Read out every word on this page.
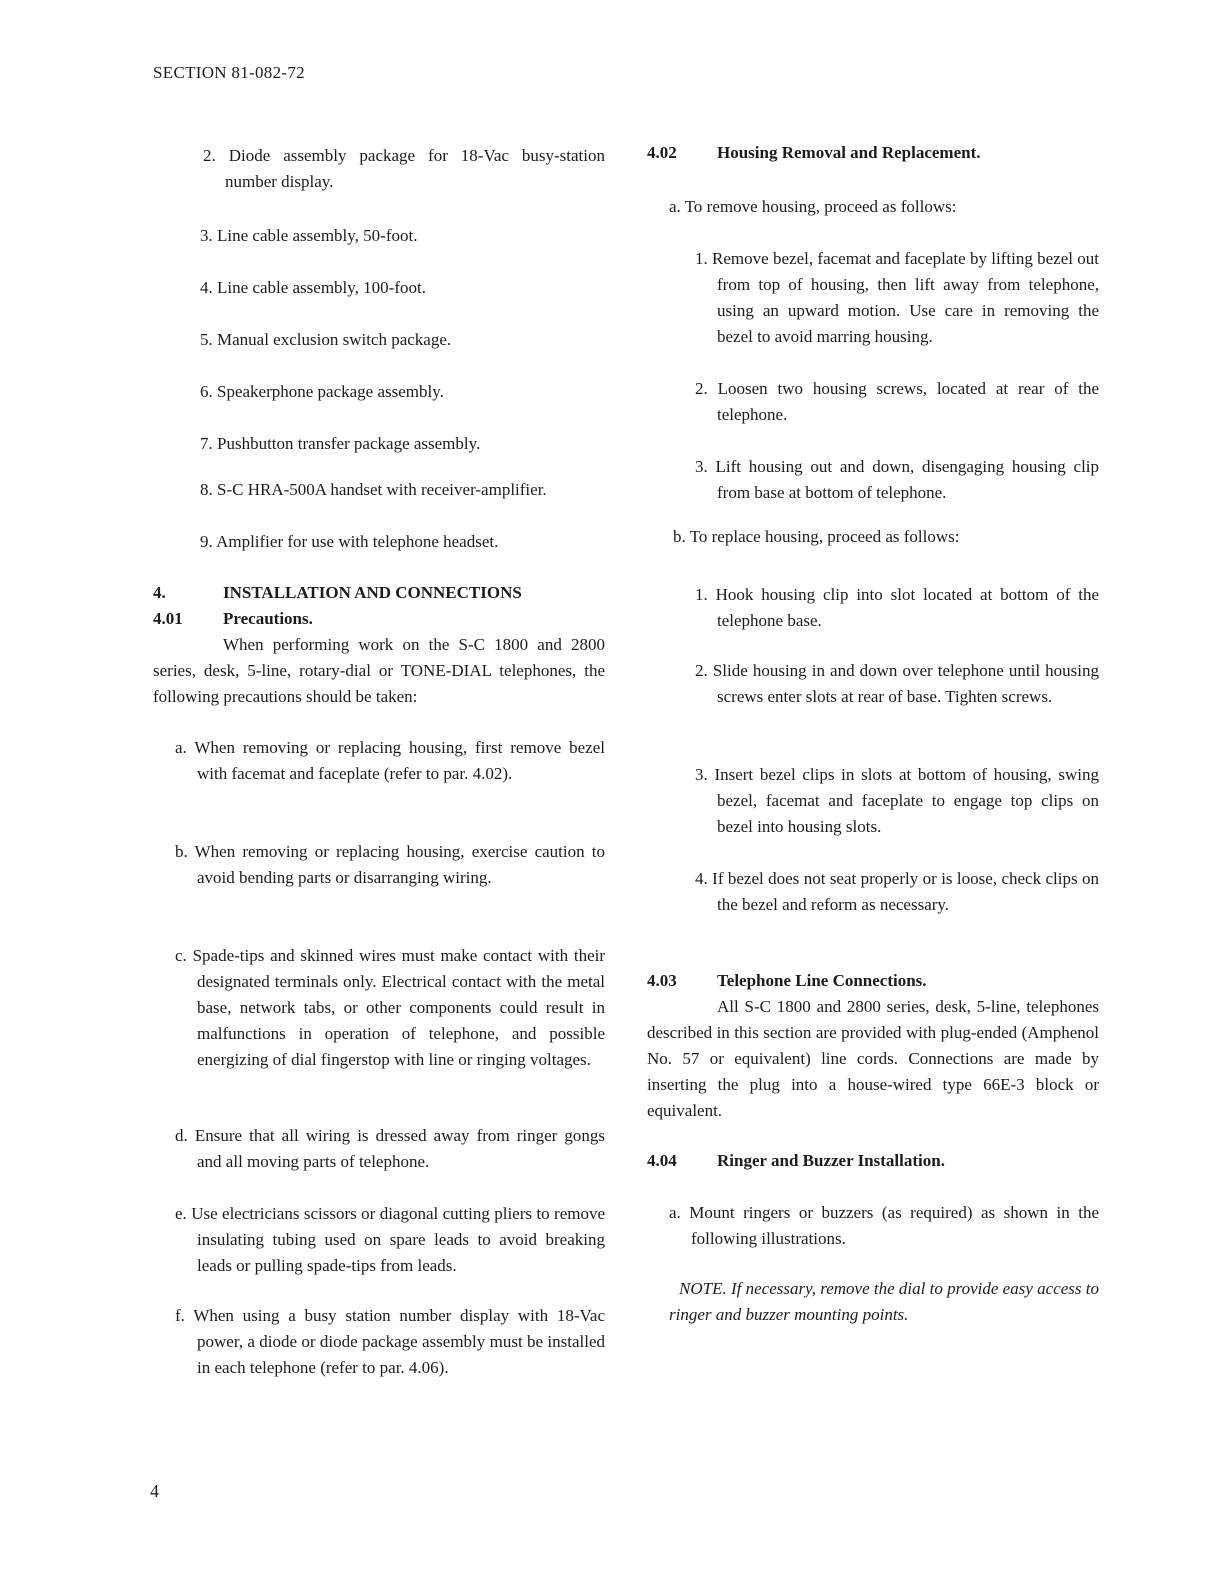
SECTION 81-082-72

2. Diode assembly package for 18-Vac busy-station number display.

3. Line cable assembly, 50-foot.

4. Line cable assembly, 100-foot.

5. Manual exclusion switch package.

6. Speakerphone package assembly.

7. Pushbutton transfer package assembly.

8. S-C HRA-500A handset with receiver-amplifier.

9. Amplifier for use with telephone headset.

4.	INSTALLATION AND CONNECTIONS

4.01 Precautions.

When performing work on the S-C 1800 and 2800 series, desk, 5-line, rotary-dial or TONE-DIAL telephones, the following precautions should be taken:

a. When removing or replacing housing, first remove bezel with facemat and faceplate (refer to par. 4.02).

b. When removing or replacing housing, exercise caution to avoid bending parts or disarranging wiring.

c. Spade-tips and skinned wires must make contact with their designated terminals only. Electrical contact with the metal base, network tabs, or other components could result in malfunctions in operation of telephone, and possible energizing of dial fingerstop with line or ringing voltages.

d. Ensure that all wiring is dressed away from ringer gongs and all moving parts of telephone.

e. Use electricians scissors or diagonal cutting pliers to remove insulating tubing used on spare leads to avoid breaking leads or pulling spade-tips from leads.

f. When using a busy station number display with 18-Vac power, a diode or diode package assembly must be installed in each telephone (refer to par. 4.06).

4.02 Housing Removal and Replacement.

a. To remove housing, proceed as follows:

1. Remove bezel, facemat and faceplate by lifting bezel out from top of housing, then lift away from telephone, using an upward motion. Use care in removing the bezel to avoid marring housing.

2. Loosen two housing screws, located at rear of the telephone.

3. Lift housing out and down, disengaging housing clip from base at bottom of telephone.

b. To replace housing, proceed as follows:

1. Hook housing clip into slot located at bottom of the telephone base.

2. Slide housing in and down over telephone until housing screws enter slots at rear of base. Tighten screws.

3. Insert bezel clips in slots at bottom of housing, swing bezel, facemat and faceplate to engage top clips on bezel into housing slots.

4. If bezel does not seat properly or is loose, check clips on the bezel and reform as necessary.

4.03 Telephone Line Connections.

All S-C 1800 and 2800 series, desk, 5-line, telephones described in this section are provided with plug-ended (Amphenol No. 57 or equivalent) line cords. Connections are made by inserting the plug into a house-wired type 66E-3 block or equivalent.

4.04 Ringer and Buzzer Installation.

a. Mount ringers or buzzers (as required) as shown in the following illustrations.

NOTE. If necessary, remove the dial to provide easy access to ringer and buzzer mounting points.

4
